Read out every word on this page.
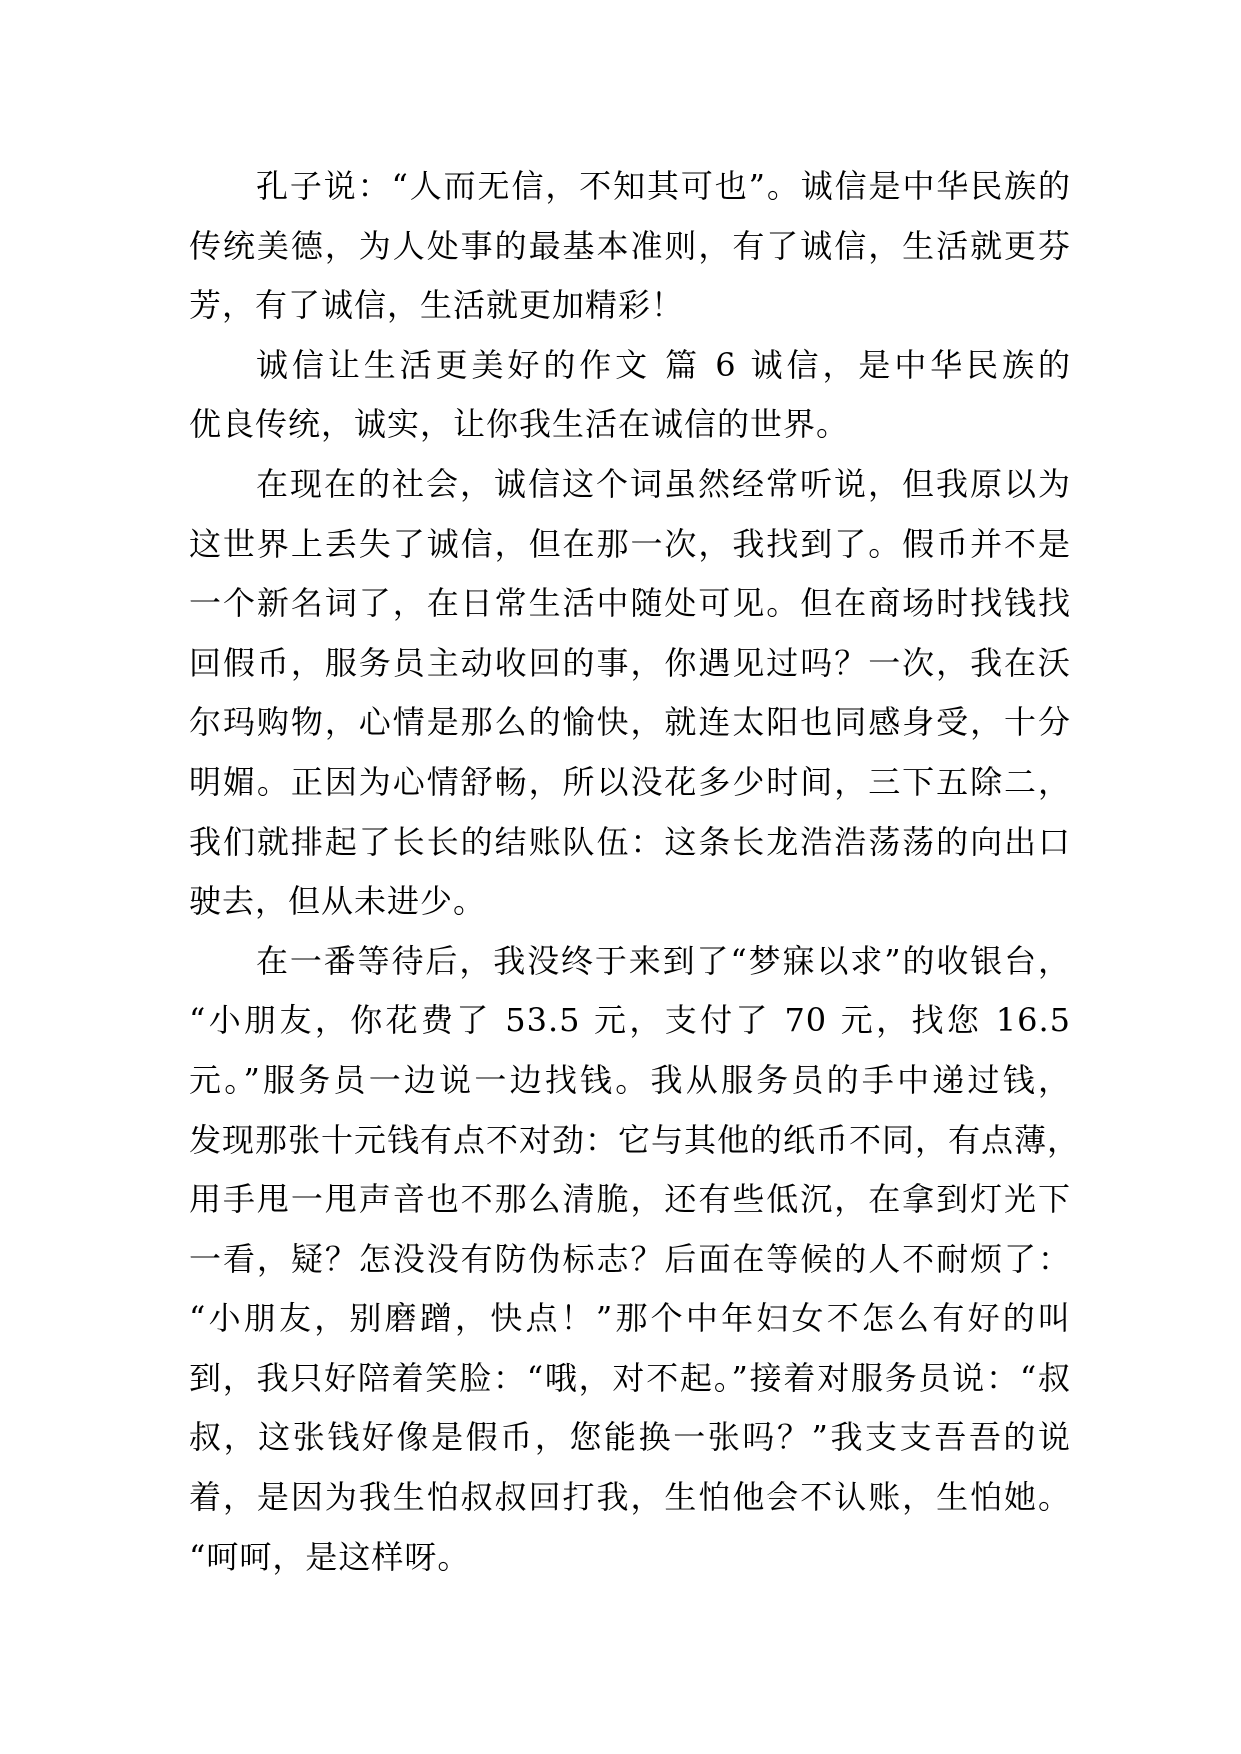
孔子说：“人而无信，不知其可也”。诚信是中华民族的
传统美德，为人处事的最基本准则，有了诚信，生活就更芬
芳，有了诚信，生活就更加精彩！
诚信让生活更美好的作文 篇 6 诚信，是中华民族的
优良传统，诚实，让你我生活在诚信的世界。
在现在的社会，诚信这个词虽然经常听说，但我原以为
这世界上丢失了诚信，但在那一次，我找到了。假币并不是
一个新名词了，在日常生活中随处可见。但在商场时找钱找
回假币，服务员主动收回的事，你遇见过吗？一次，我在沃
尔玛购物，心情是那么的愉快，就连太阳也同感身受，十分
明媚。正因为心情舒畅，所以没花多少时间，三下五除二，
我们就排起了长长的结账队伍：这条长龙浩浩荡荡的向出口
驶去，但从未进少。
在一番等待后，我没终于来到了“梦寐以求”的收银台，
“小朋友，你花费了 53.5 元，支付了 70 元，找您 16.5
元。”服务员一边说一边找钱。我从服务员的手中递过钱，
发现那张十元钱有点不对劲：它与其他的纸币不同，有点薄，
用手甩一甩声音也不那么清脆，还有些低沉，在拿到灯光下
一看，疑？怎没没有防伪标志？后面在等候的人不耐烦了：
“小朋友，别磨蹭，快点！”那个中年妇女不怎么有好的叫
到，我只好陪着笑脸：“哦，对不起。”接着对服务员说：“叔
叔，这张钱好像是假币，您能换一张吗？”我支支吾吾的说
着，是因为我生怕叔叔回打我，生怕他会不认账，生怕她。
“呵呵，是这样呀。
